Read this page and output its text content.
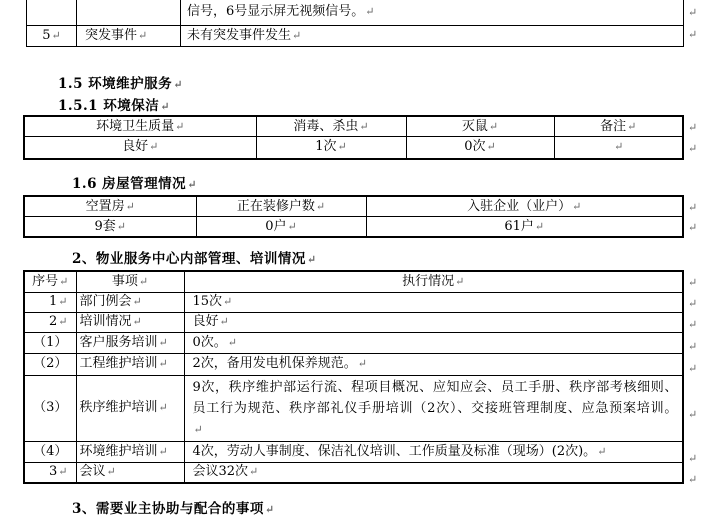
		信号，6号显示屏无视频信号。↵
5↵	突发事件↵	未有突发事件发生↵
↵
↵
1.5 环境维护服务↵
1.5.1 环境保洁↵
环境卫生质量↵	消毒、杀虫↵	灭鼠↵	备注↵
良好↵	1次↵	0次↵	↵
↵
↵
1.6 房屋管理情况↵
空置房↵	正在装修户数↵	入驻企业（业户）↵
9套↵	0户↵	61户↵
↵
↵
2、物业服务中心内部管理、培训情况↵
序号↵	事项↵	执行情况↵
1↵	部门例会↵	15次↵
2↵	培训情况↵	良好↵
（1）	客户服务培训↵	0次。↵
（2）	工程维护培训↵	2次，备用发电机保养规范。↵
（3）	秩序维护培训↵	9次，秩序维护部运行流、程项目概况、应知应会、员工手册、秩序部考核细则、员工行为规范、秩序部礼仪手册培训（2次）、交接班管理制度、应急预案培训。↵
（4）	环境维护培训↵	4次，劳动人事制度、保洁礼仪培训、工作质量及标准（现场）(2次)。↵
3↵	会议↵	会议32次↵
↵
↵
↵
↵
↵
↵
↵
↵
3、需要业主协助与配合的事项↵
